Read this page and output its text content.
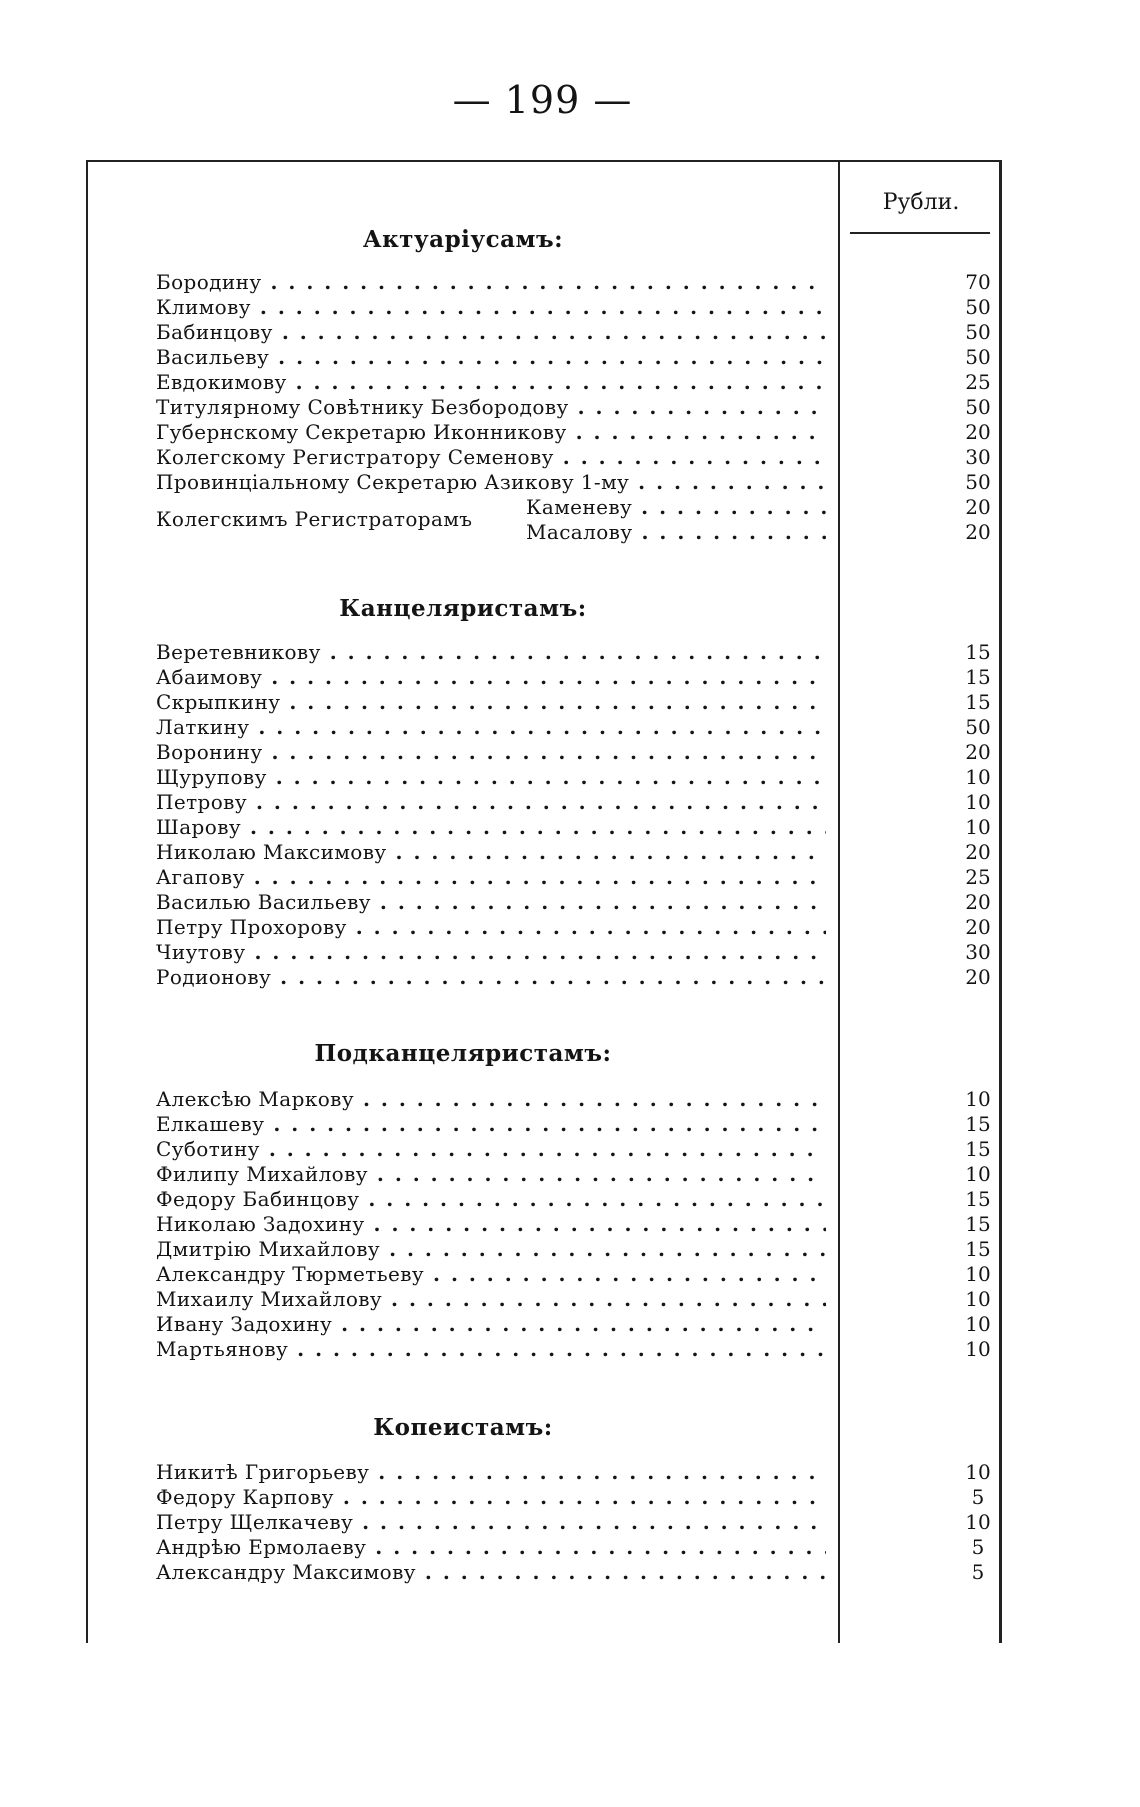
— 199 —
Рубли.
Актуаріусамъ:
Бородину . . .	70
Климову . . .	50
Бабинцову . . .	50
Васильеву . . .	50
Евдокимову . . .	25
Титулярному Совѣтнику Безбородову . . .	50
Губернскому Секретарю Иконникову . . .	20
Колегскому Регистратору Семенову . . .	30
Провинціальному Секретарю Азикову 1-му . . .	50
Колегскимъ Регистраторамъ	Каменеву . . .	20
Масалову . . .	20
Канцеляристамъ:
Веретевникову . . .	15
Абаимову . . .	15
Скрыпкину . . .	15
Латкину . . .	50
Воронину . . .	20
Щурупову . . .	10
Петрову . . .	10
Шарову . . .	10
Николаю Максимову . . .	20
Агапову . . .	25
Василью Васильеву . . .	20
Петру Прохорову . . .	20
Чиутову . . .	30
Родионову . . .	20
Подканцеляристамъ:
Алексѣю Маркову . . .	10
Елкашеву . . .	15
Суботину . . .	15
Филипу Михайлову . . .	10
Федору Бабинцову . . .	15
Николаю Задохину . . .	15
Дмитрію Михайлову . . .	15
Александру Тюрметьеву . . .	10
Михаилу Михайлову . . .	10
Ивану Задохину . . .	10
Мартьянову . . .	10
Копеистамъ:
Никитѣ Григорьеву . . .	10
Федору Карпову . . .	5
Петру Щелкачеву . . .	10
Андрѣю Ермолаеву . . .	5
Александру Максимову . . .	5
